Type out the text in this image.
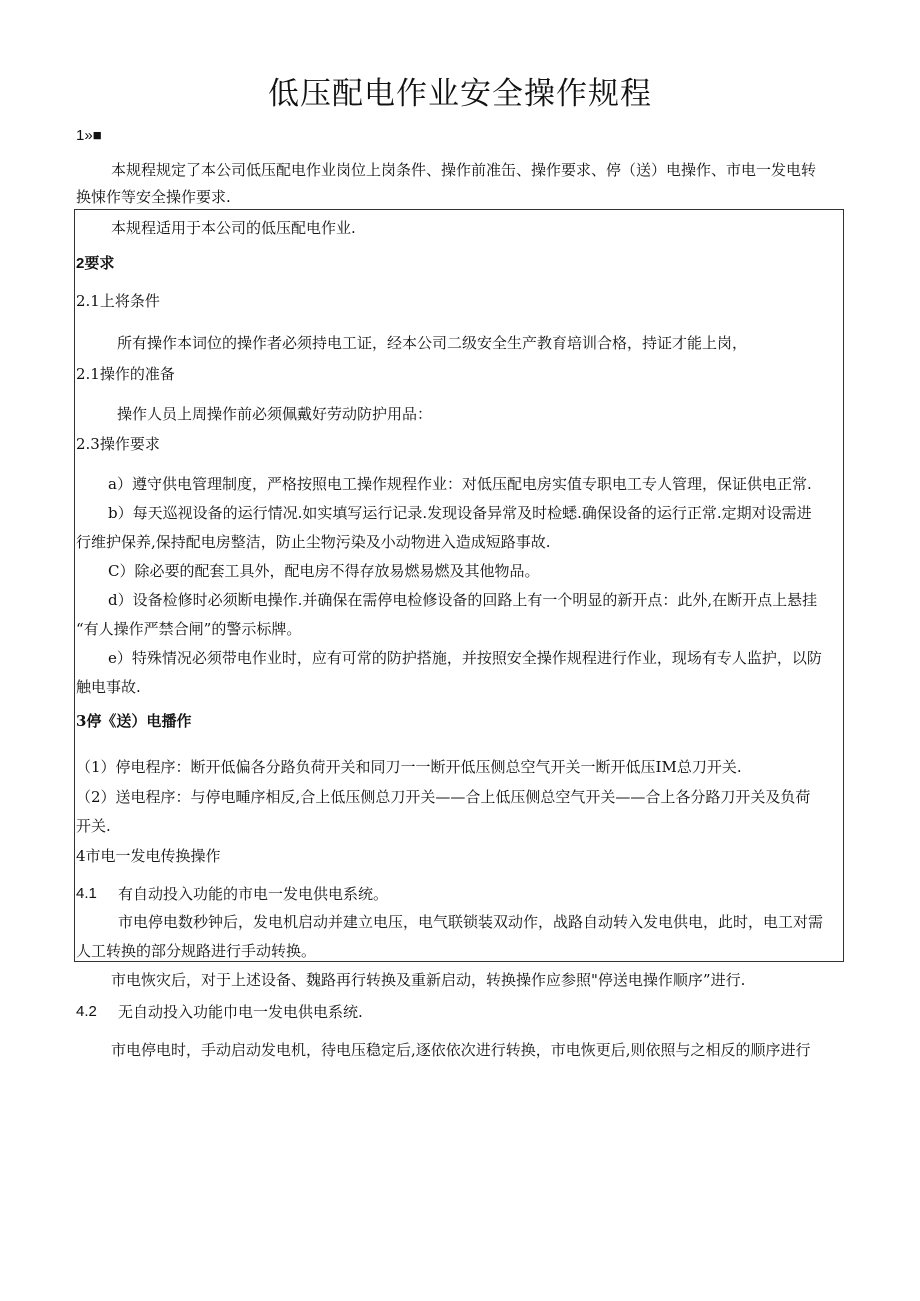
低压配电作业安全操作规程
1»■
本规程规定了本公司低压配电作业岗位上岗条件、操作前准缶、操作要求、停（送）电操作、市电一发电转
换悚作等安全操作要求.
本规程适用于本公司的低压配电作业.
2要求
2.1上将条件
所有操作本词位的操作者必须持电工证，经本公司二级安全生产教育培训合格，持证才能上岗，
2.1操作的准备
操作人员上周操作前必须佩戴好劳动防护用品：
2.3操作要求
a）遵守供电管理制度，严格按照电工操作规程作业：对低压配电房实值专职电工专人管理，保证供电正常.
b）每天巡视设备的运行情况.如实填写运行记录.发现设备异常及时检蟋.确保设备的运行正常.定期对设需进
行维护保养,保持配电房整洁，防止尘物污染及小动物进入造成短路事故.
C）除必要的配套工具外，配电房不得存放易燃易燃及其他物品。
d）设备检修时必须断电操作.并确保在需停电检修设备的回路上有一个明显的新开点：此外,在断开点上悬挂
“有人操作严禁合闸”的警示标牌。
e）特殊情况必须带电作业时，应有可常的防护搭施，并按照安全操作规程进行作业，现场有专人监护，以防
触电事故.
3停《送）电播作
（1）停电程序：断开低偏各分路负荷开关和同刀一一断开低压侧总空气开关一断开低压IM总刀开关.
（2）送电程序：与停电畽序相反,合上低压侧总刀开关——合上低压侧总空气开关——合上各分路刀开关及负荷
开关.
4市电一发电传换操作
4.1 有自动投入功能的市电一发电供电系统。
市电停电数秒钟后，发电机启动并建立电压，电气联锁装双动作，战路自动转入发电供电，此时，电工对需
人工转换的部分规路进行手动转换。
市电恢灾后，对于上述设备、魏路再行转换及重新启动，转换操作应参照"停送电操作顺序”进行.
4.2 无自动投入功能巾电一发电供电系统.
市电停电时，手动启动发电机，待电压稳定后,逐依依次进行转换，市电恢更后,则依照与之相反的顺序进行
